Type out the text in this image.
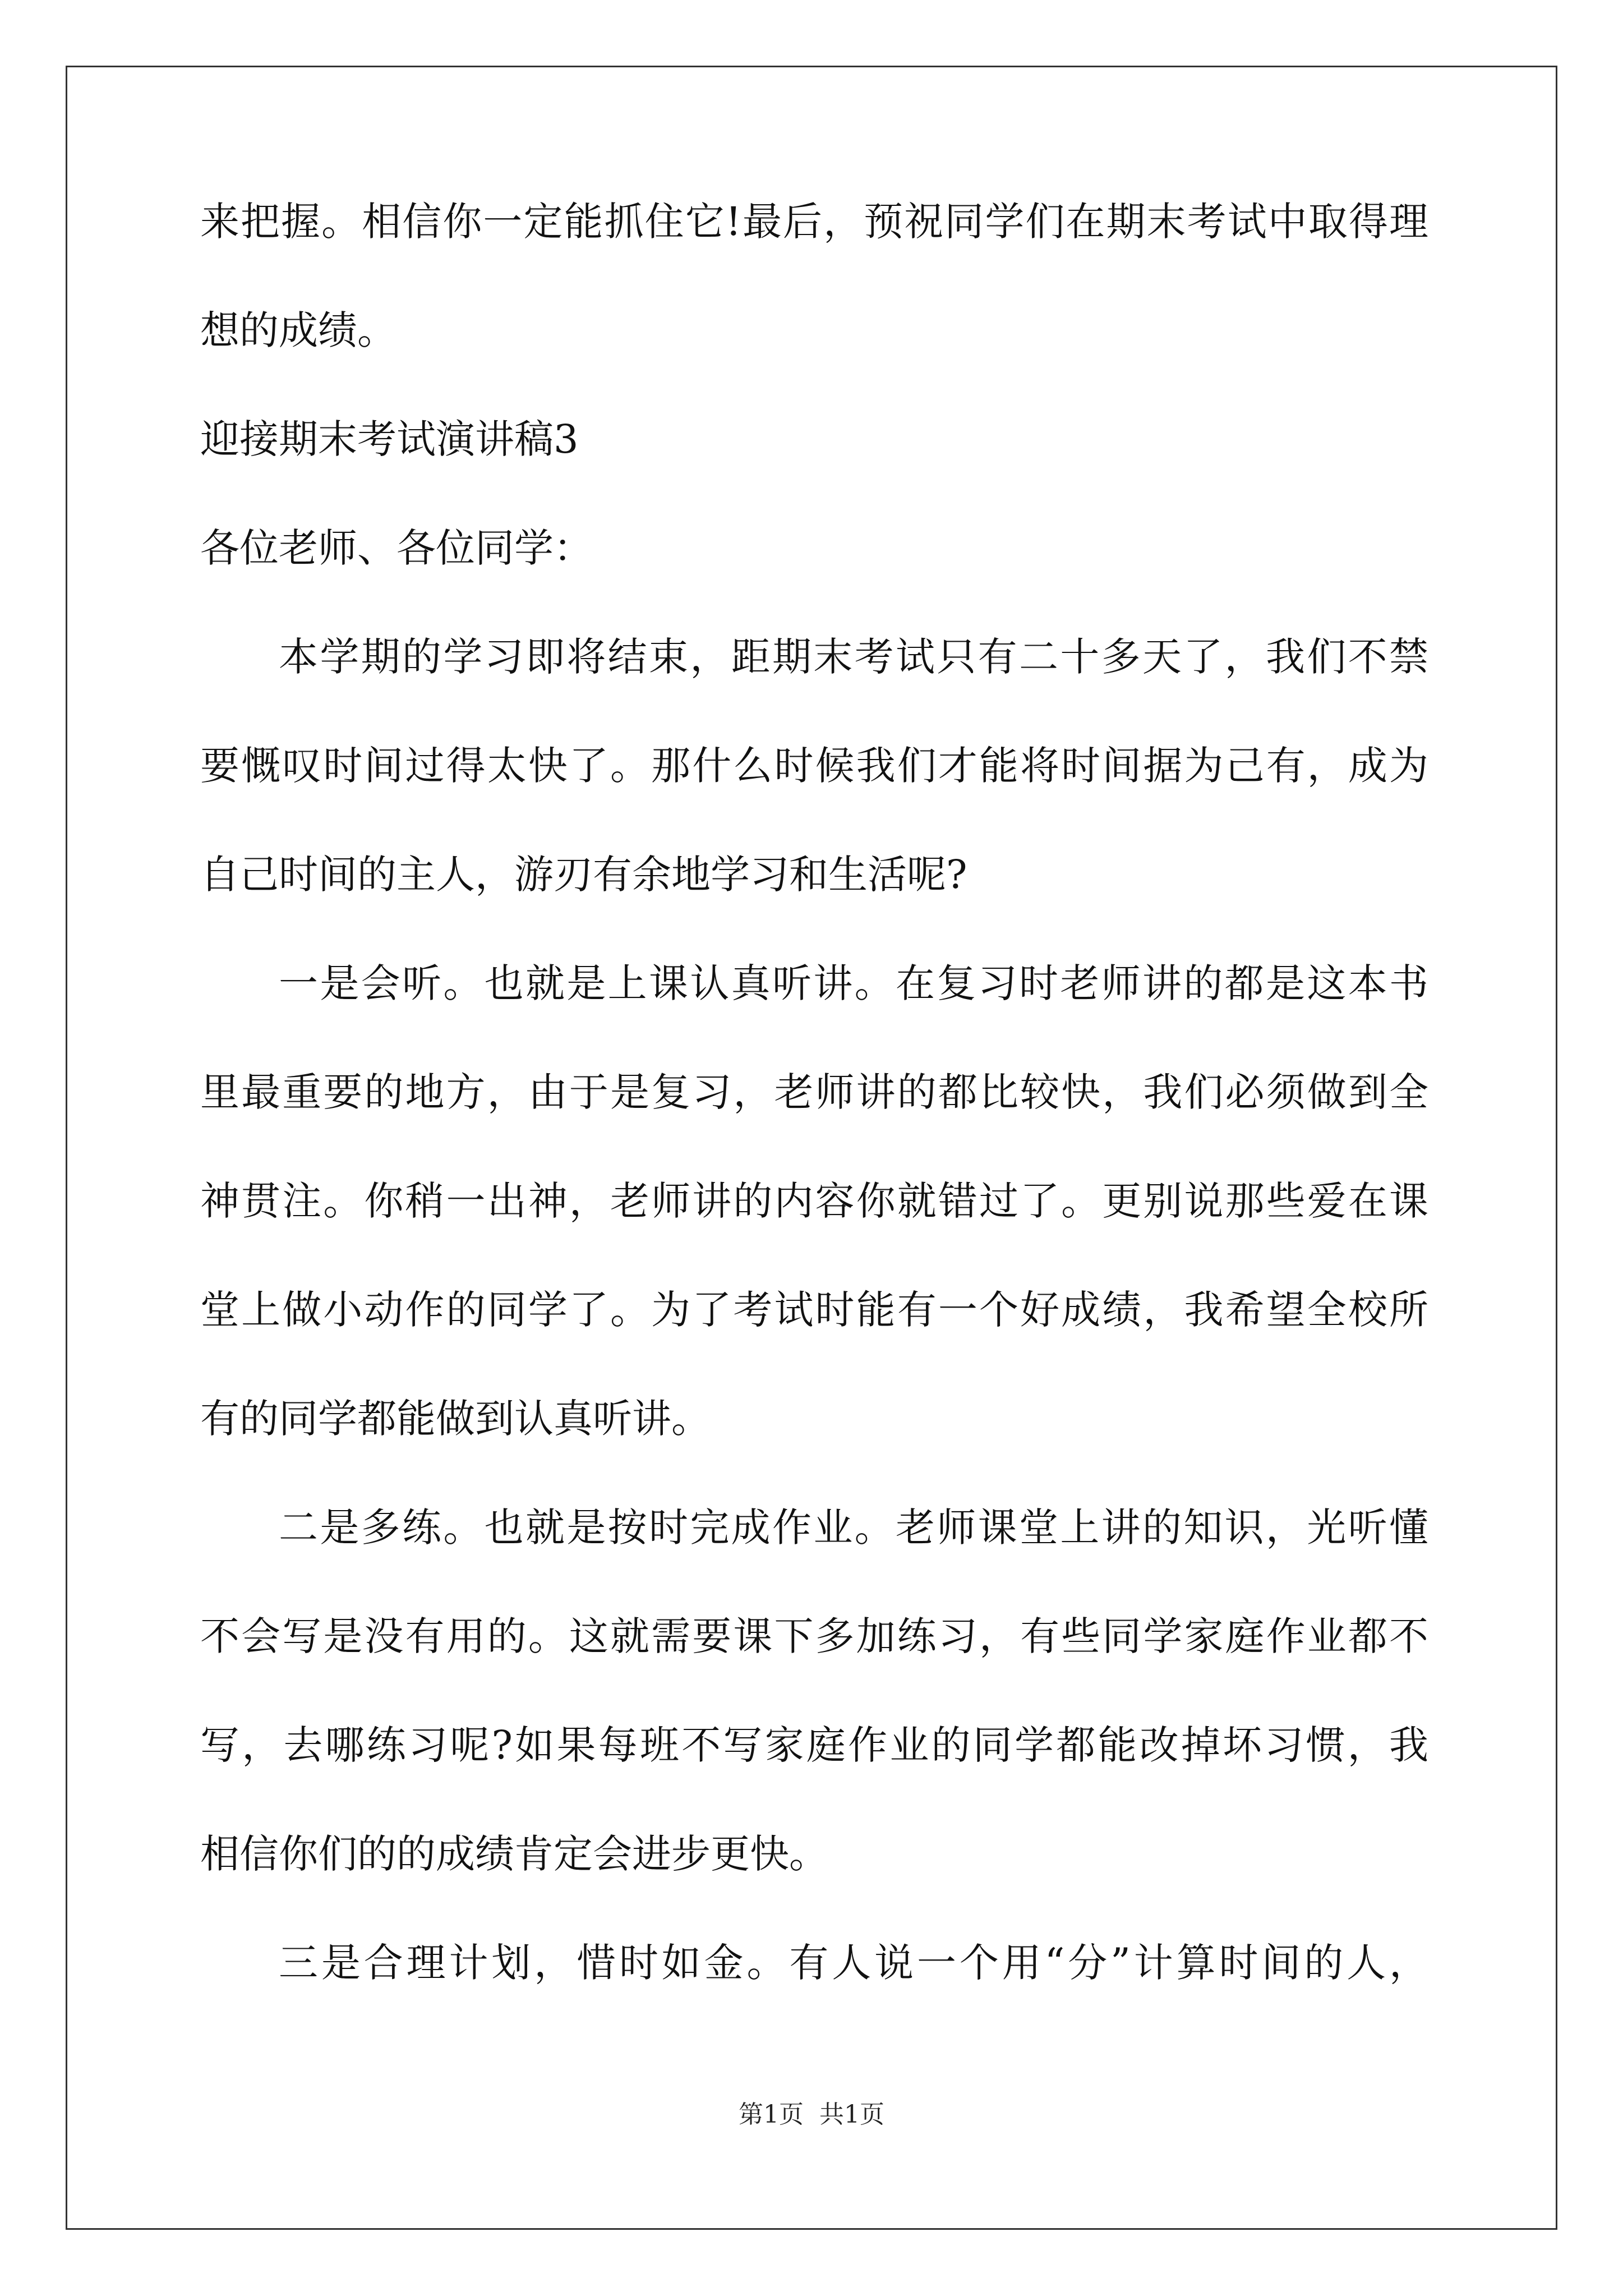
来把握。相信你一定能抓住它!最后，预祝同学们在期末考试中取得理
想的成绩。
迎接期末考试演讲稿3
各位老师、各位同学：
本学期的学习即将结束，距期末考试只有二十多天了，我们不禁
要慨叹时间过得太快了。那什么时候我们才能将时间据为己有，成为
自己时间的主人，游刃有余地学习和生活呢?
一是会听。也就是上课认真听讲。在复习时老师讲的都是这本书
里最重要的地方，由于是复习，老师讲的都比较快，我们必须做到全
神贯注。你稍一出神，老师讲的内容你就错过了。更别说那些爱在课
堂上做小动作的同学了。为了考试时能有一个好成绩，我希望全校所
有的同学都能做到认真听讲。
二是多练。也就是按时完成作业。老师课堂上讲的知识，光听懂
不会写是没有用的。这就需要课下多加练习，有些同学家庭作业都不
写，去哪练习呢?如果每班不写家庭作业的同学都能改掉坏习惯，我
相信你们的的成绩肯定会进步更快。
三是合理计划，惜时如金。有人说一个用“分”计算时间的人，
第1页  共1页
